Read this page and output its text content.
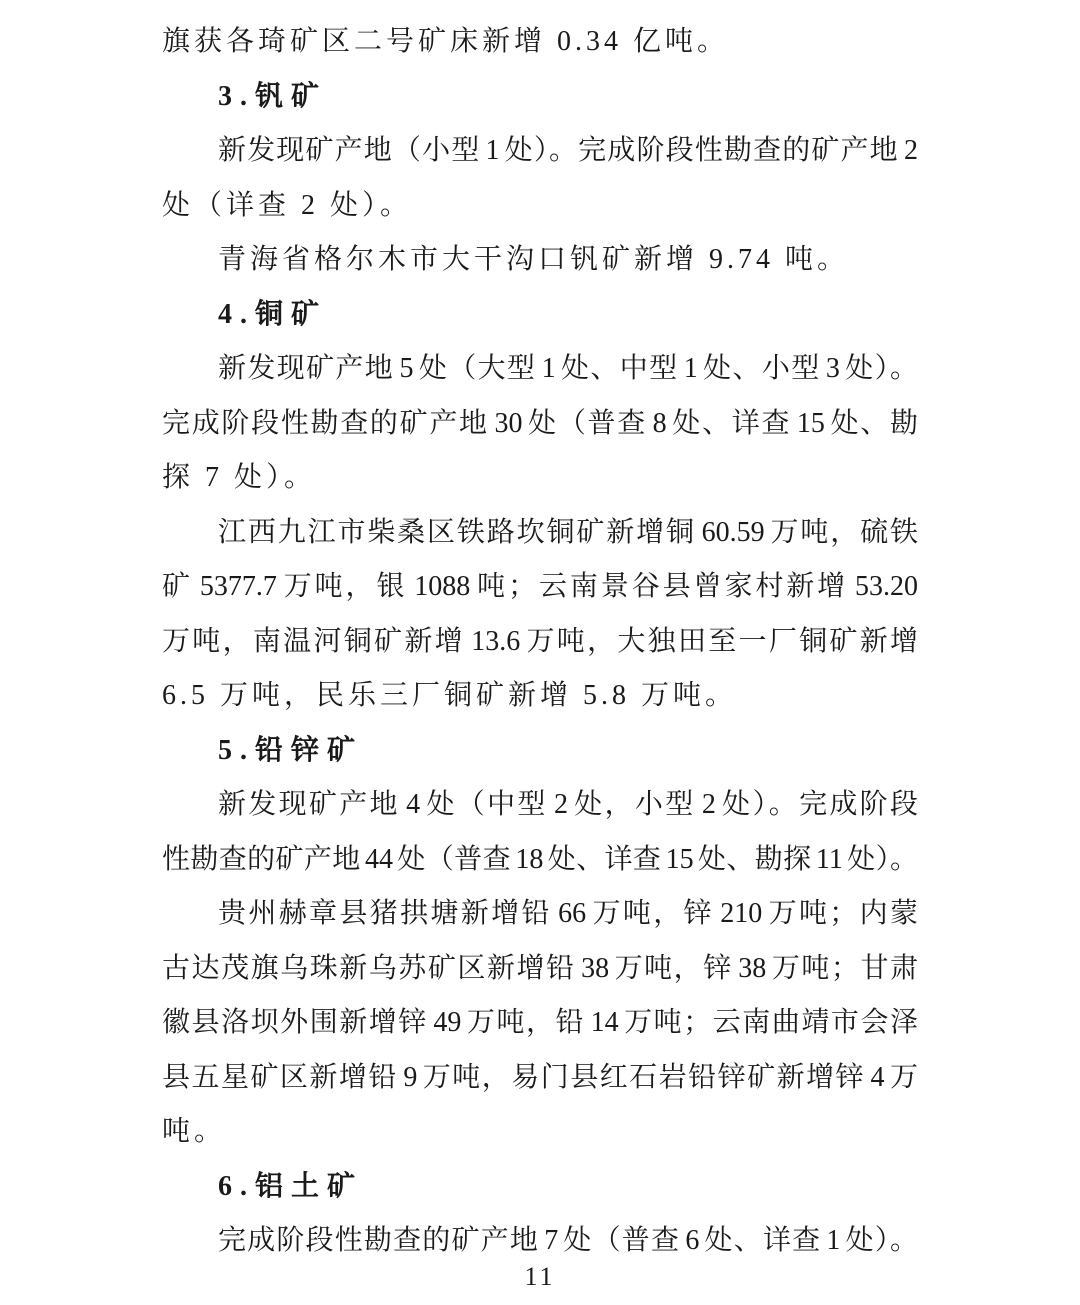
旗获各琦矿区二号矿床新增 0.34 亿吨。
3.钒矿
新发现矿产地（小型 1 处）。完成阶段性勘查的矿产地 2
处（详查 2 处）。
青海省格尔木市大干沟口钒矿新增 9.74 吨。
4.铜矿
新发现矿产地 5 处（大型 1 处、中型 1 处、小型 3 处）。
完成阶段性勘查的矿产地 30 处（普查 8 处、详查 15 处、勘
探 7 处）。
江西九江市柴桑区铁路坎铜矿新增铜 60.59 万吨，硫铁
矿 5377.7 万吨，银 1088 吨；云南景谷县曾家村新增 53.20
万吨，南温河铜矿新增 13.6 万吨，大独田至一厂铜矿新增
6.5 万吨，民乐三厂铜矿新增 5.8 万吨。
5.铅锌矿
新发现矿产地 4 处（中型 2 处，小型 2 处）。完成阶段
性勘查的矿产地 44 处（普查 18 处、详查 15 处、勘探 11 处）。
贵州赫章县猪拱塘新增铅 66 万吨，锌 210 万吨；内蒙
古达茂旗乌珠新乌苏矿区新增铅 38 万吨，锌 38 万吨；甘肃
徽县洛坝外围新增锌 49 万吨，铅 14 万吨；云南曲靖市会泽
县五星矿区新增铅 9 万吨，易门县红石岩铅锌矿新增锌 4 万
吨。
6.铝土矿
完成阶段性勘查的矿产地 7 处（普查 6 处、详查 1 处）。
11
